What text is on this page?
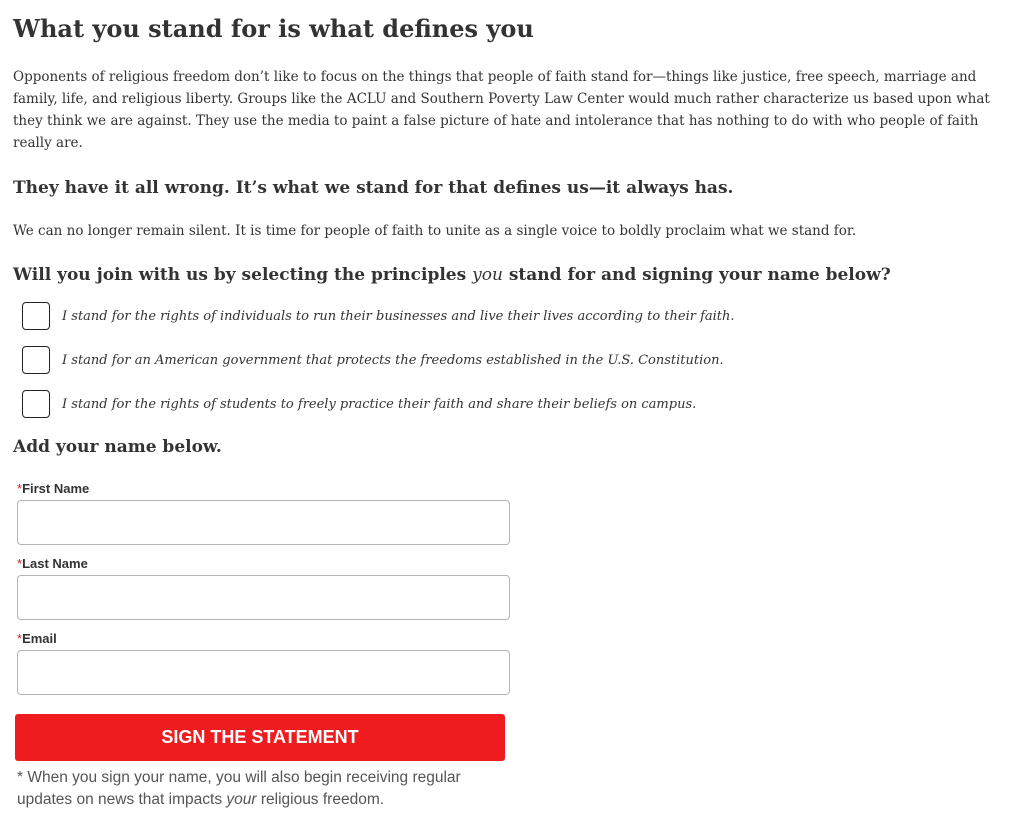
What you stand for is what defines you

Opponents of religious freedom don’t like to focus on the things that people of faith stand for—things like justice, free speech, marriage and family, life, and religious liberty. Groups like the ACLU and Southern Poverty Law Center would much rather characterize us based upon what they think we are against. They use the media to paint a false picture of hate and intolerance that has nothing to do with who people of faith really are.

They have it all wrong. It’s what we stand for that defines us—it always has.

We can no longer remain silent. It is time for people of faith to unite as a single voice to boldly proclaim what we stand for.

Will you join with us by selecting the principles you stand for and signing your name below?
I stand for the rights of individuals to run their businesses and live their lives according to their faith.
I stand for an American government that protects the freedoms established in the U.S. Constitution.
I stand for the rights of students to freely practice their faith and share their beliefs on campus.
Add your name below.
*First Name
*Last Name
*Email
SIGN THE STATEMENT

* When you sign your name, you will also begin receiving regular updates on news that impacts your religious freedom.
